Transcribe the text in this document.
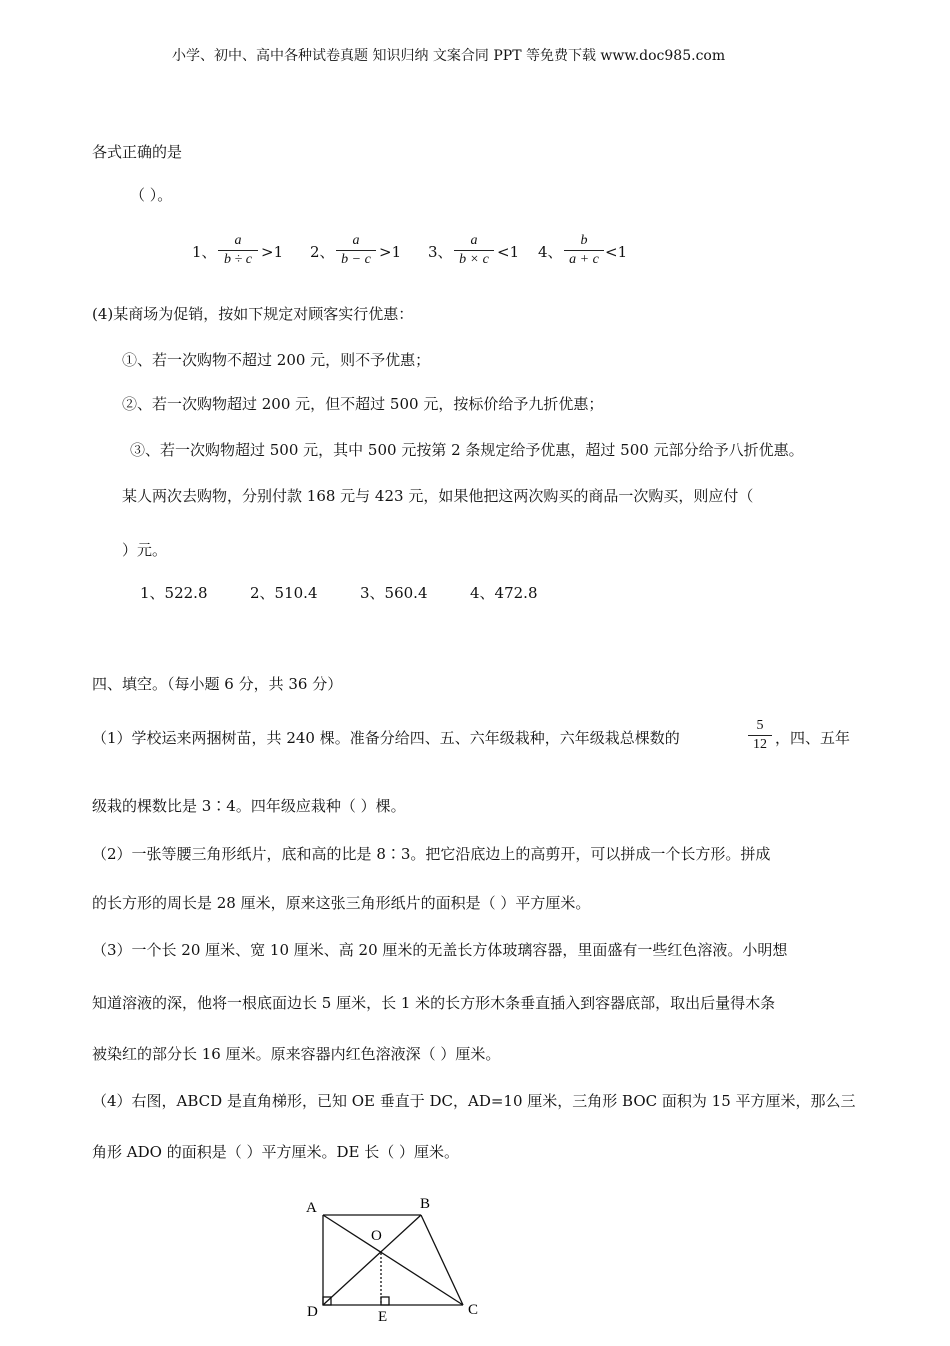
小学、初中、高中各种试卷真题 知识归纳 文案合同 PPT 等免费下载 www.doc985.com
各式正确的是
（ ）。
1、
a
b ÷ c >1 2、
a
b − c >1 3、
a
b × c <1 4、
b
a + c <1
(4)某商场为促销，按如下规定对顾客实行优惠：
①、若一次购物不超过 200 元，则不予优惠；
②、若一次购物超过 200 元，但不超过 500 元，按标价给予九折优惠；
③、若一次购物超过 500 元，其中 500 元按第 2 条规定给予优惠，超过 500 元部分给予八折优惠。
某人两次去购物，分别付款 168 元与 423 元，如果他把这两次购买的商品一次购买，则应付（
）元。
1、522.8	2、510.4	3、560.4	4、472.8
四、填空。（每小题 6 分，共 36 分）
（1）学校运来两捆树苗，共 240 棵。准备分给四、五、六年级栽种，六年级栽总棵数的
5
12 ，四、五年
级栽的棵数比是 3∶4。四年级应栽种（ ）棵。
（2）一张等腰三角形纸片，底和高的比是 8∶3。把它沿底边上的高剪开，可以拼成一个长方形。拼成
的长方形的周长是 28 厘米，原来这张三角形纸片的面积是（ ）平方厘米。
（3）一个长 20 厘米、宽 10 厘米、高 20 厘米的无盖长方体玻璃容器，里面盛有一些红色溶液。小明想
知道溶液的深，他将一根底面边长 5 厘米，长 1 米的长方形木条垂直插入到容器底部，取出后量得木条
被染红的部分长 16 厘米。原来容器内红色溶液深（ ）厘米。
（4）右图，ABCD 是直角梯形，已知 OE 垂直于 DC，AD=10 厘米，三角形 BOC 面积为 15 平方厘米，那么三
角形 ADO 的面积是（ ）平方厘米。DE 长（ ）厘米。
A	B
O
D	E	C
